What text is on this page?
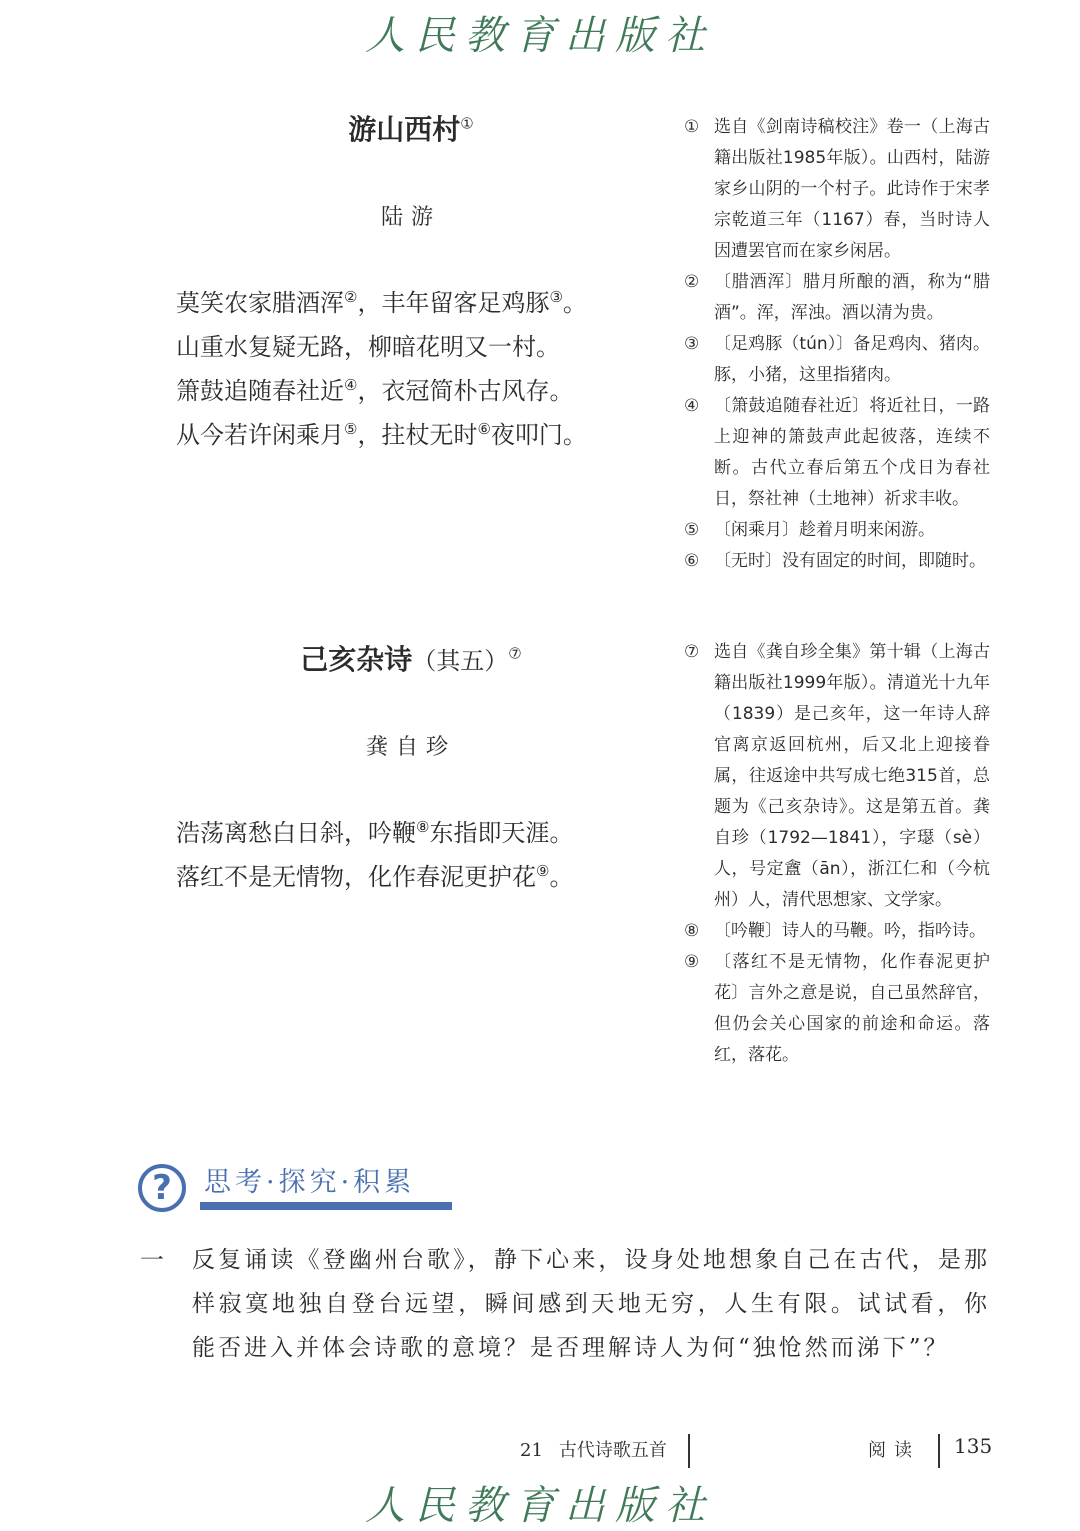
人民教育出版社
游山西村①
陆游
莫笑农家腊酒浑②，丰年留客足鸡豚③。
山重水复疑无路，柳暗花明又一村。
箫鼓追随春社近④，衣冠简朴古风存。
从今若许闲乘月⑤，拄杖无时⑥夜叩门。
① 选自《剑南诗稿校注》卷一（上海古籍出版社1985年版）。山西村，陆游家乡山阴的一个村子。此诗作于宋孝宗乾道三年（1167）春，当时诗人因遭罢官而在家乡闲居。
② 〔腊酒浑〕腊月所酿的酒，称为“腊酒”。浑，浑浊。酒以清为贵。
③ 〔足鸡豚（tún）〕备足鸡肉、猪肉。豚，小猪，这里指猪肉。
④ 〔箫鼓追随春社近〕将近社日，一路上迎神的箫鼓声此起彼落，连续不断。古代立春后第五个戊日为春社日，祭社神（土地神）祈求丰收。
⑤ 〔闲乘月〕趁着月明来闲游。
⑥ 〔无时〕没有固定的时间，即随时。
己亥杂诗（其五）⑦
龚自珍
浩荡离愁白日斜，吟鞭⑧东指即天涯。
落红不是无情物，化作春泥更护花⑨。
⑦ 选自《龚自珍全集》第十辑（上海古籍出版社1999年版）。清道光十九年（1839）是己亥年，这一年诗人辞官离京返回杭州，后又北上迎接眷属，往返途中共写成七绝315首，总题为《己亥杂诗》。这是第五首。龚自珍（1792—1841），字璱（sè）人，号定盦（ān），浙江仁和（今杭州）人，清代思想家、文学家。
⑧ 〔吟鞭〕诗人的马鞭。吟，指吟诗。
⑨ 〔落红不是无情物，化作春泥更护花〕言外之意是说，自己虽然辞官，但仍会关心国家的前途和命运。落红，落花。
?	思考·探究·积累
一	反复诵读《登幽州台歌》，静下心来，设身处地想象自己在古代，是那样寂寞地独自登台远望，瞬间感到天地无穷，人生有限。试试看，你能否进入并体会诗歌的意境？是否理解诗人为何“独怆然而涕下”？
21 古代诗歌五首	阅读 135
人民教育出版社
